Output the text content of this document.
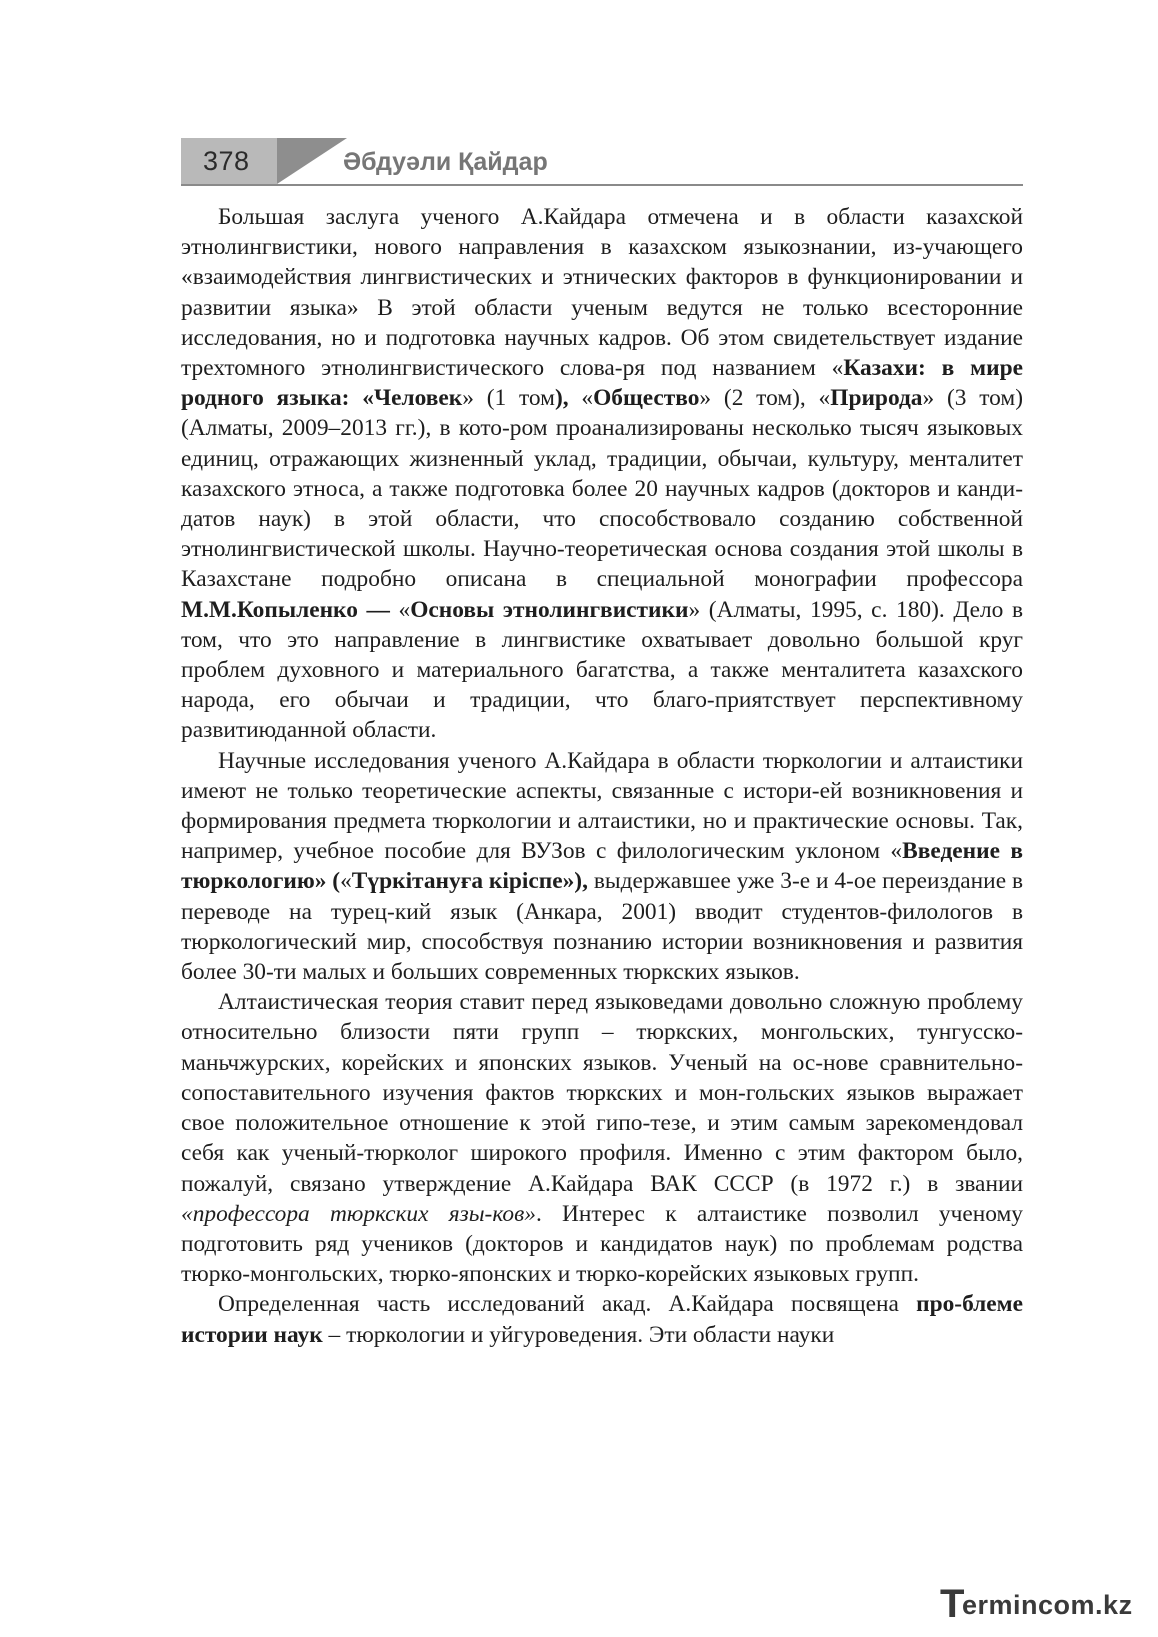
378	Әбдуәли Қайдар

Большая заслуга ученого А.Кайдара отмечена и в области казахской этнолингвистики, нового направления в казахском языкознании, из-учающего «взаимодействия лингвистических и этнических факторов в функционировании и развитии языка» В этой области ученым ведутся не только всесторонние исследования, но и подготовка научных кадров. Об этом свидетельствует издание трехтомного этнолингвистического слова-ря под названием «Казахи: в мире родного языка: «Человек» (1 том), «Общество» (2 том), «Природа» (3 том) (Алматы, 2009–2013 гг.), в кото-ром проанализированы несколько тысяч языковых единиц, отражающих жизненный уклад, традиции, обычаи, культуру, менталитет казахского этноса, а также подготовка более 20 научных кадров (докторов и канди-датов наук) в этой области, что способствовало созданию собственной этнолингвистической школы. Научно-теоретическая основа создания этой школы в Казахстане подробно описана в специальной монографии профессора М.М.Копыленко — «Основы этнолингвистики» (Алматы, 1995, с. 180). Дело в том, что это направление в лингвистике охватывает довольно большой круг проблем духовного и материального багатства, а также менталитета казахского народа, его обычаи и традиции, что благо-приятствует перспективному развитиюданной области.

Научные исследования ученого А.Кайдара в области тюркологии и алтаистики имеют не только теоретические аспекты, связанные с истори-ей возникновения и формирования предмета тюркологии и алтаистики, но и практические основы. Так, например, учебное пособие для ВУЗов с филологическим уклоном «Введение в тюркологию» («Түркітануға кіріспе»), выдержавшее уже 3-е и 4-ое переиздание в переводе на турец-кий язык (Анкара, 2001) вводит студентов-филологов в тюркологический мир, способствуя познанию истории возникновения и развития более 30-ти малых и больших современных тюркских языков.

Алтаистическая теория ставит перед языковедами довольно сложную проблему относительно близости пяти групп – тюркских, монгольских, тунгусско-маньчжурских, корейских и японских языков. Ученый на ос-нове сравнительно-сопоставительного изучения фактов тюркских и мон-гольских языков выражает свое положительное отношение к этой гипо-тезе, и этим самым зарекомендовал себя как ученый-тюрколог широкого профиля. Именно с этим фактором было, пожалуй, связано утверждение А.Кайдара ВАК СССР (в 1972 г.) в звании «профессора тюркских язы-ков». Интерес к алтаистике позволил ученому подготовить ряд учеников (докторов и кандидатов наук) по проблемам родства тюрко-монгольских, тюрко-японских и тюрко-корейских языковых групп.

Определенная часть исследований акад. А.Кайдара посвящена про-блеме истории наук – тюркологии и уйгуроведения. Эти области науки

T
ermincom.kz
